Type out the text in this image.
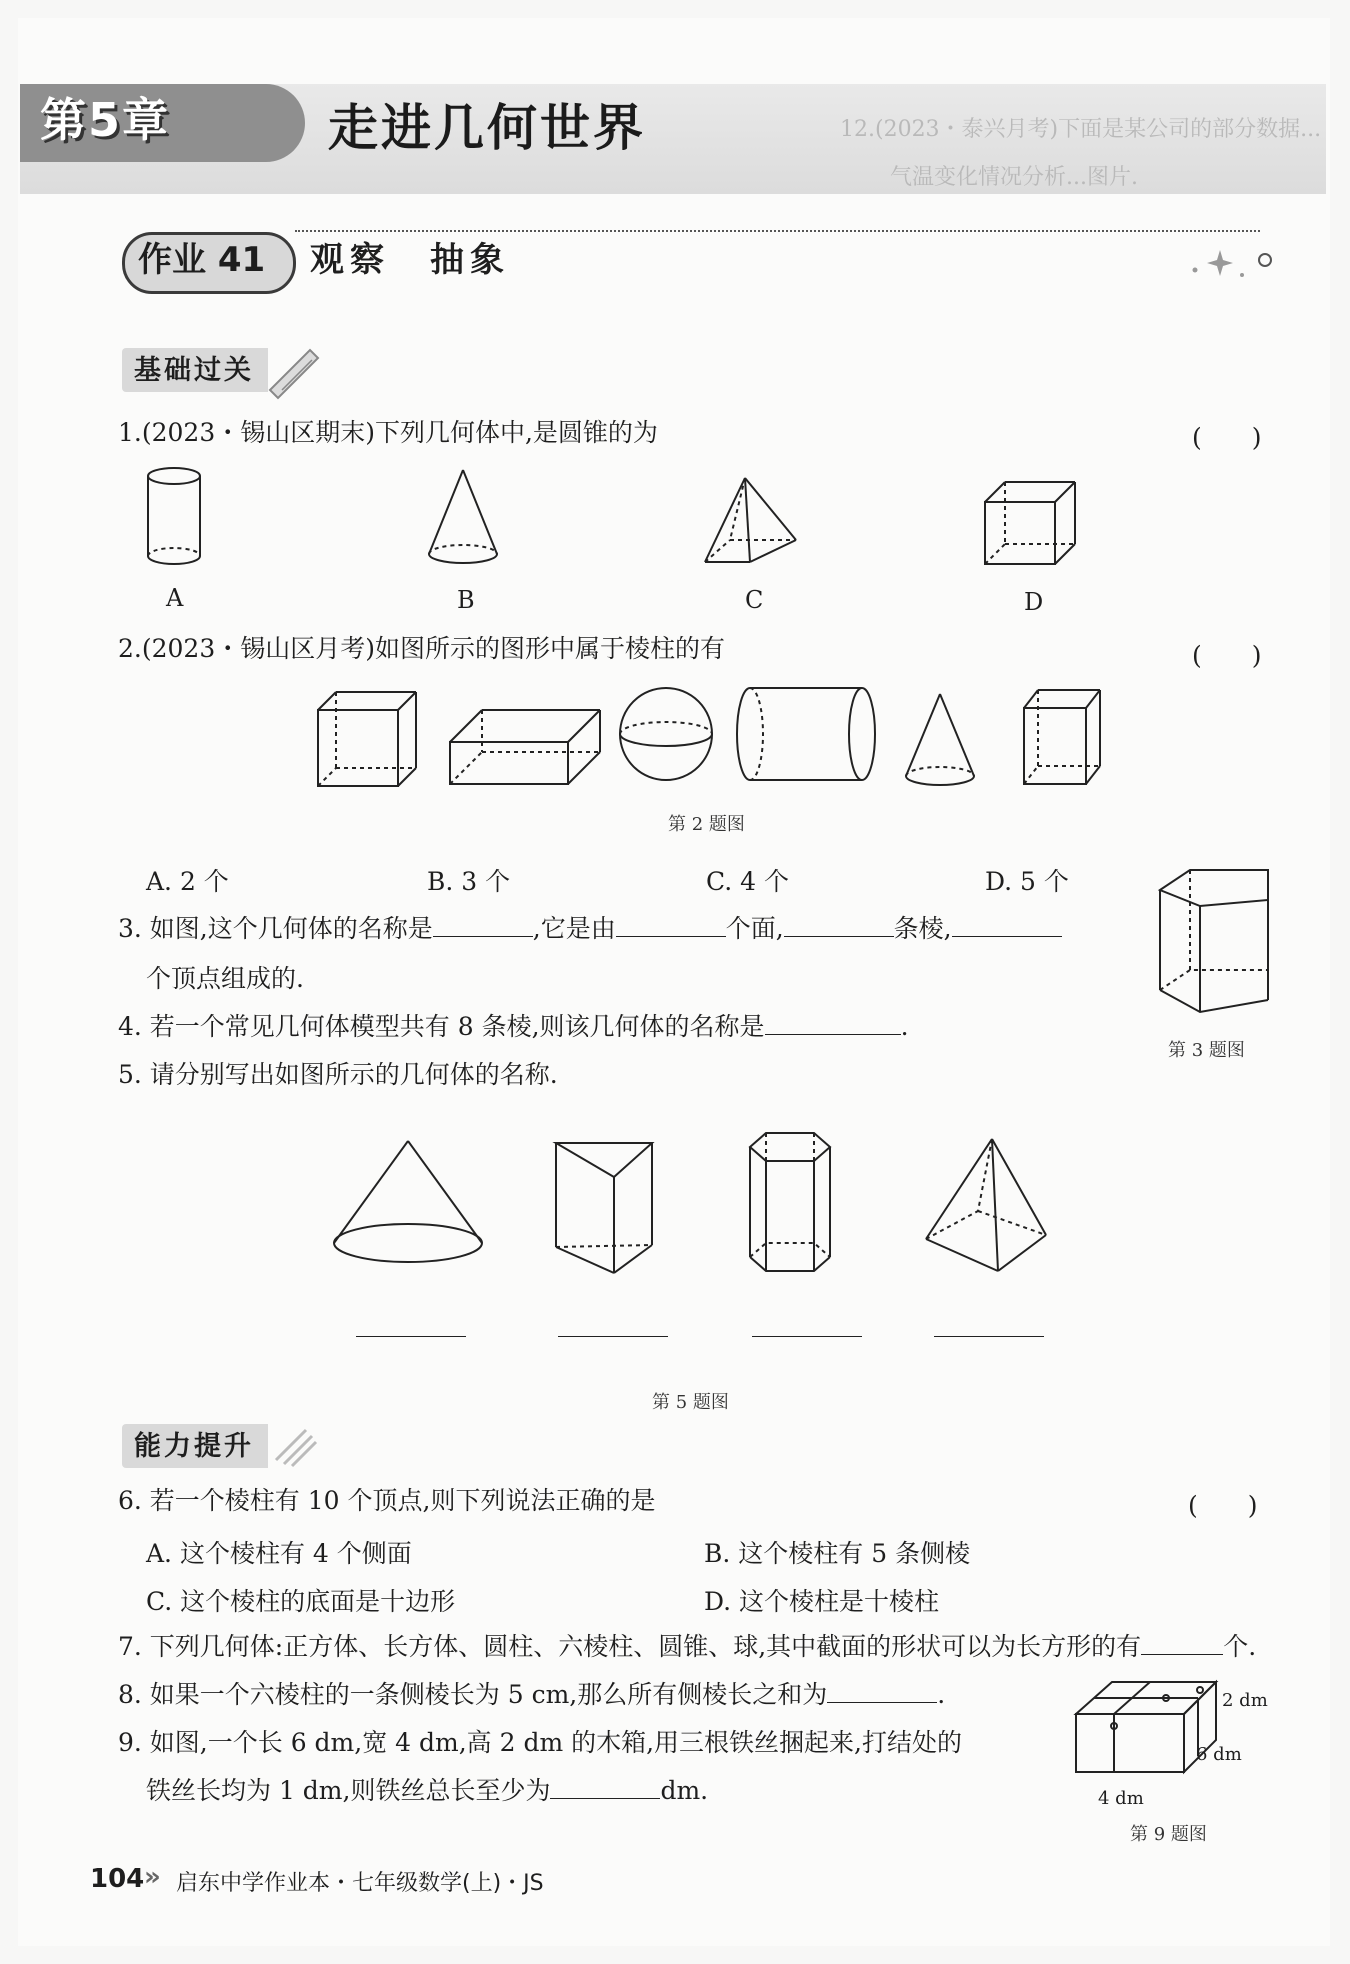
第5章	走进几何世界	12.(2023・泰兴月考)下面是某公司的部分数据...
气温变化情况分析...图片.
作业 41 观察　抽象
基础过关
1.(2023・锡山区期末)下列几何体中,是圆锥的为	(　　)
A	B	C	D
2.(2023・锡山区月考)如图所示的图形中属于棱柱的有	(　　)
第 2 题图
A. 2 个	B. 3 个	C. 4 个	D. 5 个
3. 如图,这个几何体的名称是	,它是由	个面,	条棱,
个顶点组成的.
第 3 题图
4. 若一个常见几何体模型共有 8 条棱,则该几何体的名称是	.
5. 请分别写出如图所示的几何体的名称.
第 5 题图
能力提升
6. 若一个棱柱有 10 个顶点,则下列说法正确的是	(　　)
A. 这个棱柱有 4 个侧面	B. 这个棱柱有 5 条侧棱
C. 这个棱柱的底面是十边形	D. 这个棱柱是十棱柱
7. 下列几何体:正方体、长方体、圆柱、六棱柱、圆锥、球,其中截面的形状可以为长方形的有	个.
8. 如果一个六棱柱的一条侧棱长为 5 cm,那么所有侧棱长之和为	.
9. 如图,一个长 6 dm,宽 4 dm,高 2 dm 的木箱,用三根铁丝捆起来,打结处的
铁丝长均为 1 dm,则铁丝总长至少为	dm.
2 dm
6 dm
4 dm
第 9 题图
104 » 启东中学作业本・七年级数学(上)・JS
